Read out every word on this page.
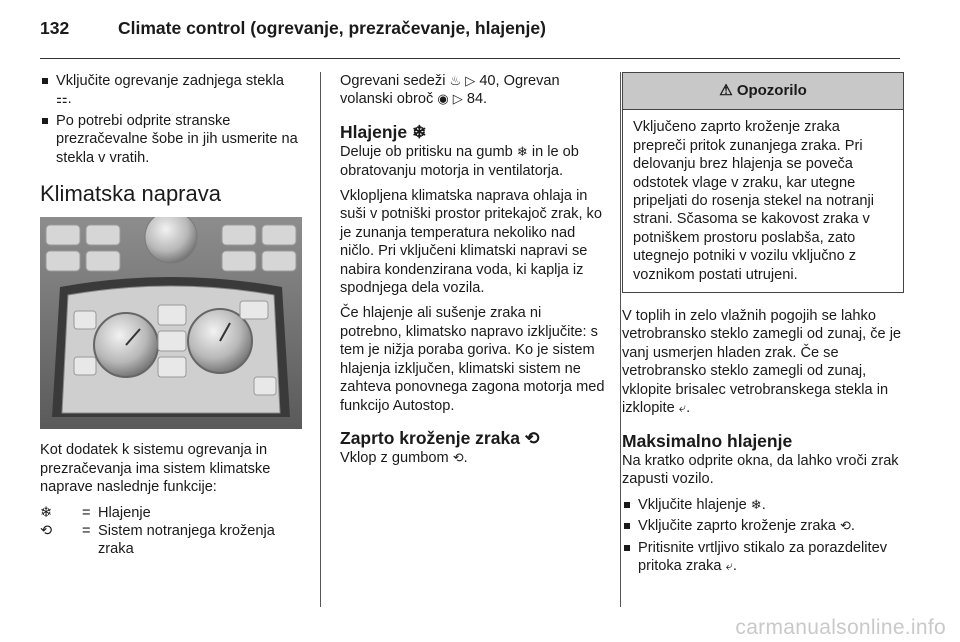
132	Climate control (ogrevanje, prezračevanje, hlajenje)
Vključite ogrevanje zadnjega stekla ⚏.
Po potrebi odprite stranske prezračevalne šobe in jih usmerite na stekla v vratih.
Klimatska naprava

Kot dodatek k sistemu ogrevanja in prezračevanja ima sistem klimatske naprave naslednje funkcije:

❄	= Hlajenje
⟲	= Sistem notranjega kroženja zraka

Ogrevani sedeži ♨ ▷ 40, Ogrevan volanski obroč ◉ ▷ 84.

Hlajenje ❄

Deluje ob pritisku na gumb ❄ in le ob obratovanju motorja in ventilatorja.

Vklopljena klimatska naprava ohlaja in suši v potniški prostor pritekajoč zrak, ko je zunanja temperatura nekoliko nad ničlo. Pri vključeni klimatski napravi se nabira kondenzirana voda, ki kaplja iz spodnjega dela vozila.

Če hlajenje ali sušenje zraka ni potrebno, klimatsko napravo izključite: s tem je nižja poraba goriva. Ko je sistem hlajenja izključen, klimatski sistem ne zahteva ponovnega zagona motorja med funkcijo Autostop.

Zaprto kroženje zraka ⟲

Vklop z gumbom ⟲.

⚠ Opozorilo
Vključeno zaprto kroženje zraka prepreči pritok zunanjega zraka. Pri delovanju brez hlajenja se poveča odstotek vlage v zraku, kar utegne pripeljati do rosenja stekel na notranji strani. Sčasoma se kakovost zraka v potniškem prostoru poslabša, zato utegnejo potniki v vozilu vključno z voznikom postati utrujeni.

V toplih in zelo vlažnih pogojih se lahko vetrobransko steklo zamegli od zunaj, če je vanj usmerjen hladen zrak. Če se vetrobransko steklo zamegli od zunaj, vklopite brisalec vetrobranskega stekla in izklopite ⤶.

Maksimalno hlajenje

Na kratko odprite okna, da lahko vroči zrak zapusti vozilo.

Vključite hlajenje ❄.
Vključite zaprto kroženje zraka ⟲.
Pritisnite vrtljivo stikalo za porazdelitev pritoka zraka ⤶.
carmanualsonline.info
